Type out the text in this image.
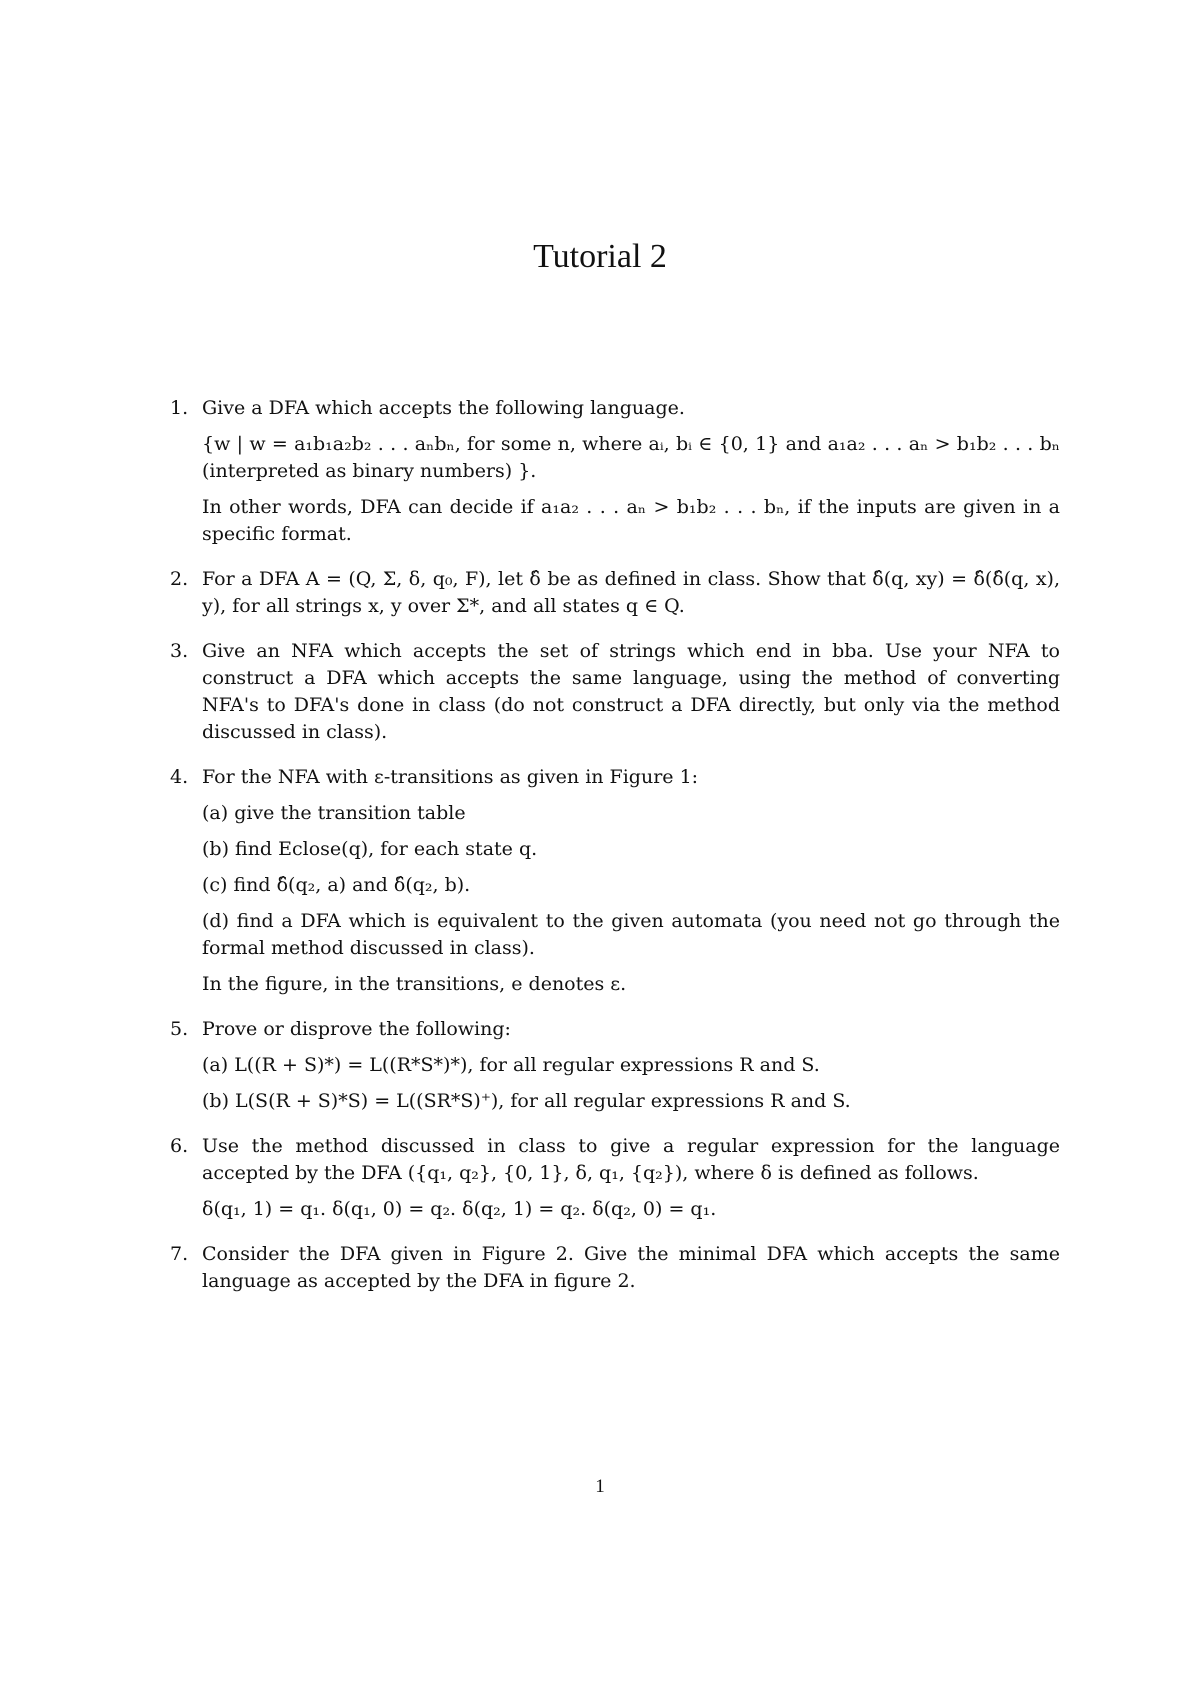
Tutorial 2
1. Give a DFA which accepts the following language.

{w | w = a₁b₁a₂b₂ . . . aₙbₙ, for some n, where aᵢ, bᵢ ∈ {0, 1} and a₁a₂ . . . aₙ > b₁b₂ . . . bₙ (interpreted as binary numbers) }.

In other words, DFA can decide if a₁a₂ . . . aₙ > b₁b₂ . . . bₙ, if the inputs are given in a specific format.

2. For a DFA A = (Q, Σ, δ, q₀, F), let δ̂ be as defined in class. Show that δ̂(q, xy) = δ̂(δ̂(q, x), y), for all strings x, y over Σ*, and all states q ∈ Q.

3. Give an NFA which accepts the set of strings which end in bba. Use your NFA to construct a DFA which accepts the same language, using the method of converting NFA's to DFA's done in class (do not construct a DFA directly, but only via the method discussed in class).

4. For the NFA with ε-transitions as given in Figure 1:

(a) give the transition table

(b) find Eclose(q), for each state q.

(c) find δ̂(q₂, a) and δ̂(q₂, b).

(d) find a DFA which is equivalent to the given automata (you need not go through the formal method discussed in class).

In the figure, in the transitions, e denotes ε.

5. Prove or disprove the following:

(a) L((R + S)*) = L((R*S*)*), for all regular expressions R and S.

(b) L(S(R + S)*S) = L((SR*S)⁺), for all regular expressions R and S.

6. Use the method discussed in class to give a regular expression for the language accepted by the DFA ({q₁, q₂}, {0, 1}, δ, q₁, {q₂}), where δ is defined as follows.

δ(q₁, 1) = q₁. δ(q₁, 0) = q₂. δ(q₂, 1) = q₂. δ(q₂, 0) = q₁.

7. Consider the DFA given in Figure 2. Give the minimal DFA which accepts the same language as accepted by the DFA in figure 2.

1
